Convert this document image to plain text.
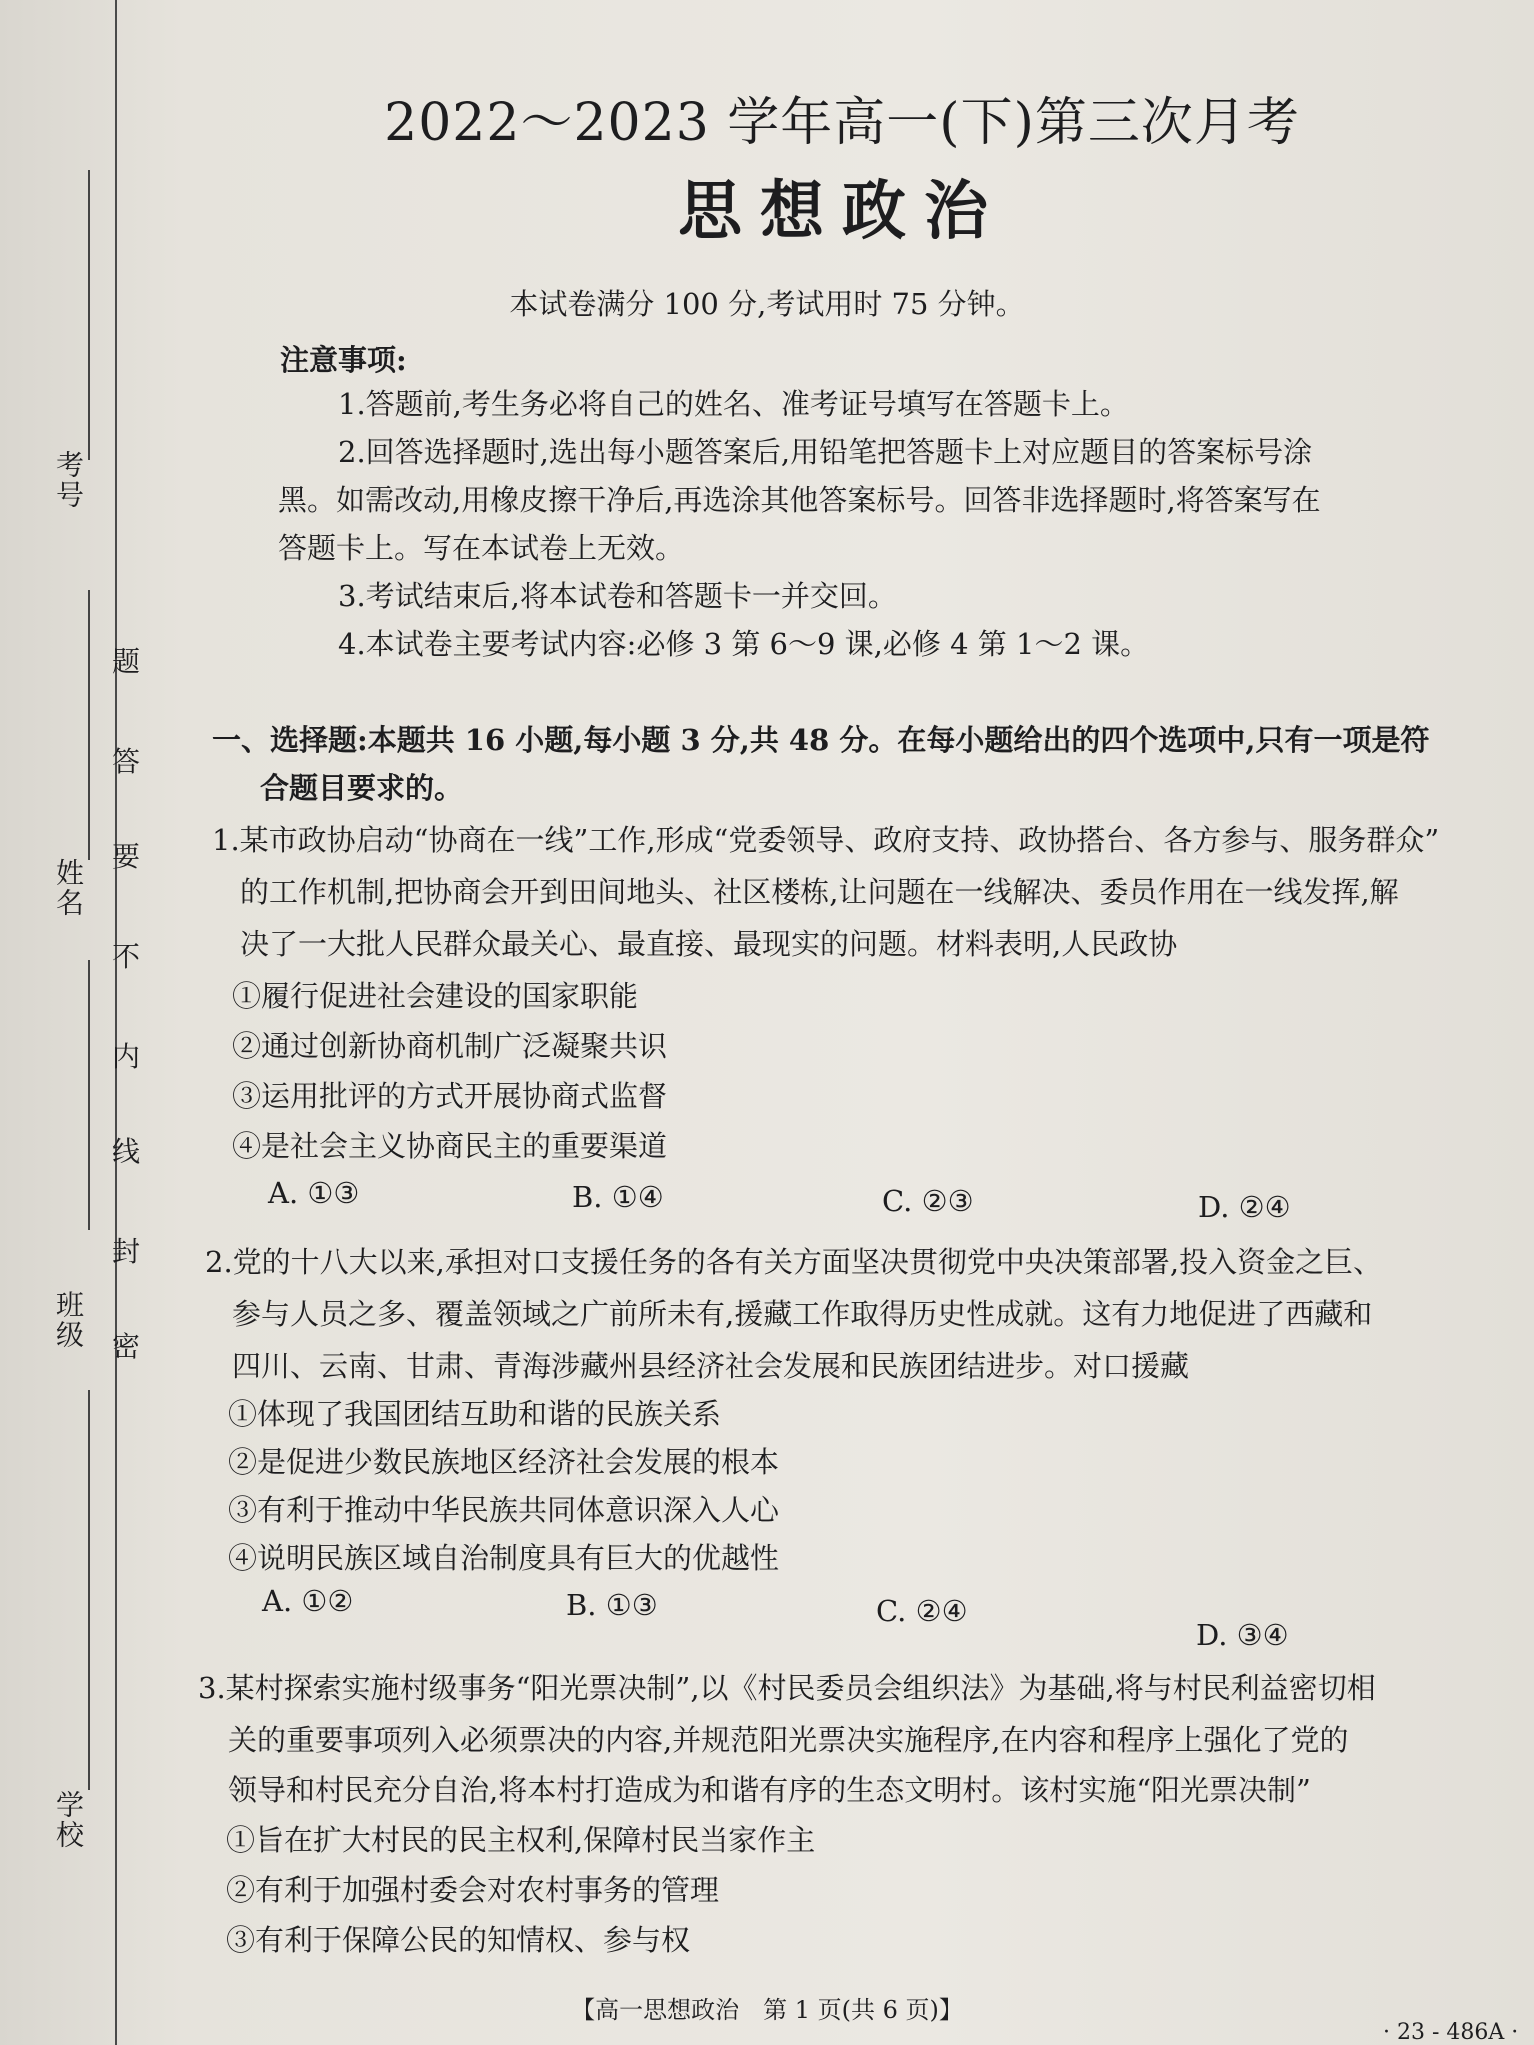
考号
姓名
班级
学校
题
答
要
不
内
线
封
密
2022～2023 学年高一(下)第三次月考
思想政治
本试卷满分 100 分,考试用时 75 分钟。
注意事项:
1.答题前,考生务必将自己的姓名、准考证号填写在答题卡上。
2.回答选择题时,选出每小题答案后,用铅笔把答题卡上对应题目的答案标号涂
黑。如需改动,用橡皮擦干净后,再选涂其他答案标号。回答非选择题时,将答案写在
答题卡上。写在本试卷上无效。
3.考试结束后,将本试卷和答题卡一并交回。
4.本试卷主要考试内容:必修 3 第 6～9 课,必修 4 第 1～2 课。
一、选择题:本题共 16 小题,每小题 3 分,共 48 分。在每小题给出的四个选项中,只有一项是符
合题目要求的。
1.某市政协启动“协商在一线”工作,形成“党委领导、政府支持、政协搭台、各方参与、服务群众”
的工作机制,把协商会开到田间地头、社区楼栋,让问题在一线解决、委员作用在一线发挥,解
决了一大批人民群众最关心、最直接、最现实的问题。材料表明,人民政协
①履行促进社会建设的国家职能
②通过创新协商机制广泛凝聚共识
③运用批评的方式开展协商式监督
④是社会主义协商民主的重要渠道
A. ①③	B. ①④	C. ②③	D. ②④
2.党的十八大以来,承担对口支援任务的各有关方面坚决贯彻党中央决策部署,投入资金之巨、
参与人员之多、覆盖领域之广前所未有,援藏工作取得历史性成就。这有力地促进了西藏和
四川、云南、甘肃、青海涉藏州县经济社会发展和民族团结进步。对口援藏
①体现了我国团结互助和谐的民族关系
②是促进少数民族地区经济社会发展的根本
③有利于推动中华民族共同体意识深入人心
④说明民族区域自治制度具有巨大的优越性
A. ①②	B. ①③	C. ②④
D. ③④
3.某村探索实施村级事务“阳光票决制”,以《村民委员会组织法》为基础,将与村民利益密切相
关的重要事项列入必须票决的内容,并规范阳光票决实施程序,在内容和程序上强化了党的
领导和村民充分自治,将本村打造成为和谐有序的生态文明村。该村实施“阳光票决制”
①旨在扩大村民的民主权利,保障村民当家作主
②有利于加强村委会对农村事务的管理
③有利于保障公民的知情权、参与权
【高一思想政治　第 1 页(共 6 页)】
· 23 - 486A ·
